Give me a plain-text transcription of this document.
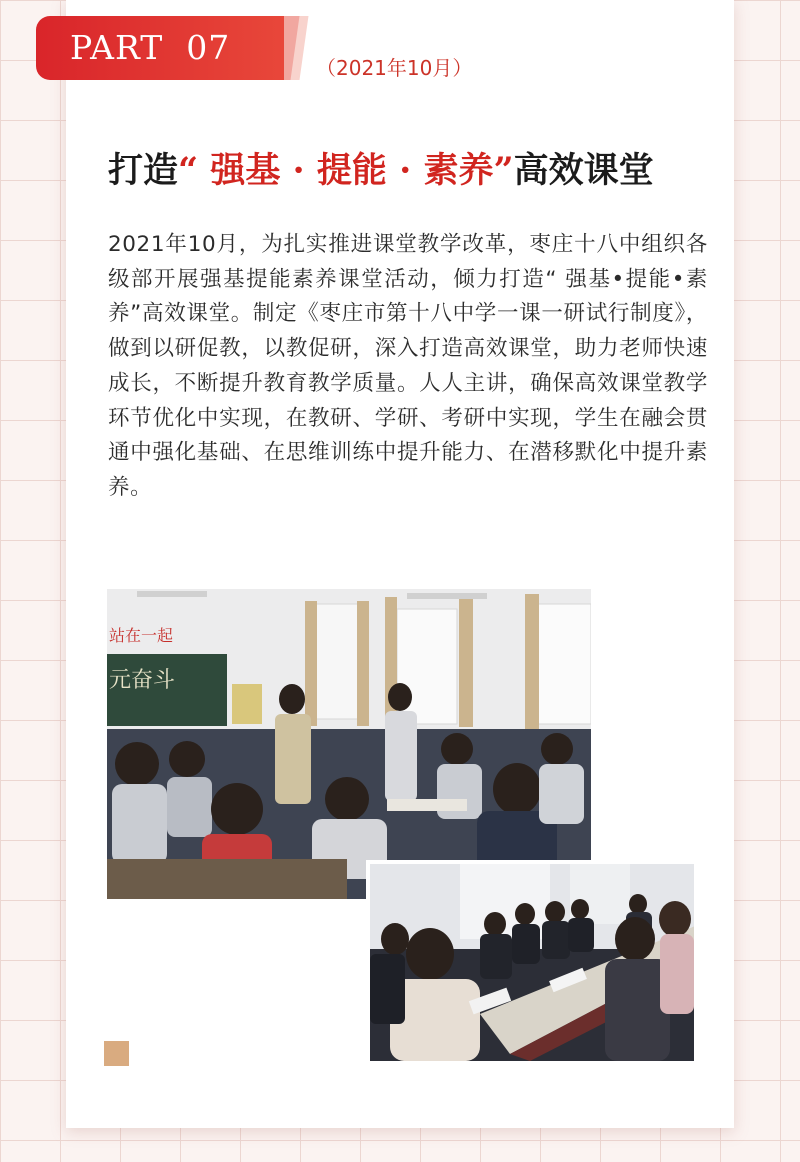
PART  07
（2021年10月）
打造“ 强基 · 提能 · 素养”高效课堂

2021年10月，为扎实推进课堂教学改革，枣庄十八中组织各级部开展强基提能素养课堂活动，倾力打造“ 强基•提能•素养”高效课堂。制定《枣庄市第十八中学一课一研试行制度》，做到以研促教，以教促研，深入打造高效课堂，助力老师快速成长，不断提升教育教学质量。人人主讲，确保高效课堂教学环节优化中实现，在教研、学研、考研中实现，学生在融会贯通中强化基础、在思维训练中提升能力、在潜移默化中提升素养。

元奋斗
站在一起
